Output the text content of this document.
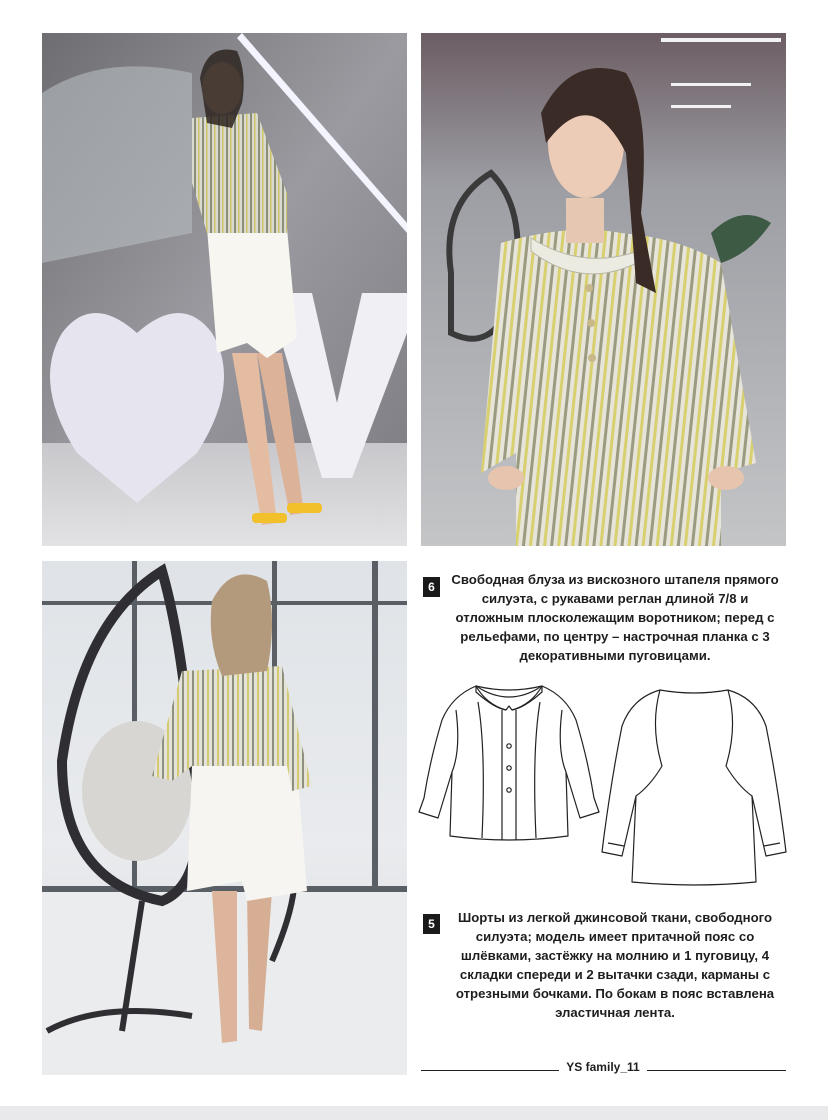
6	Свободная блуза из вискозного штапеля прямого силуэта, с рукавами реглан длиной 7/8 и отложным плосколежащим воротником; перед с рельефами, по центру – настрочная планка с 3 декоративными пуговицами.

5	Шорты из легкой джинсовой ткани, свободного силуэта; модель имеет притачной пояс со шлёвками, застёжку на молнию и 1 пуговицу, 4 складки спереди и 2 вытачки сзади, карманы с отрезными бочками. По бокам в пояс вставлена эластичная лента.

YS family_11
